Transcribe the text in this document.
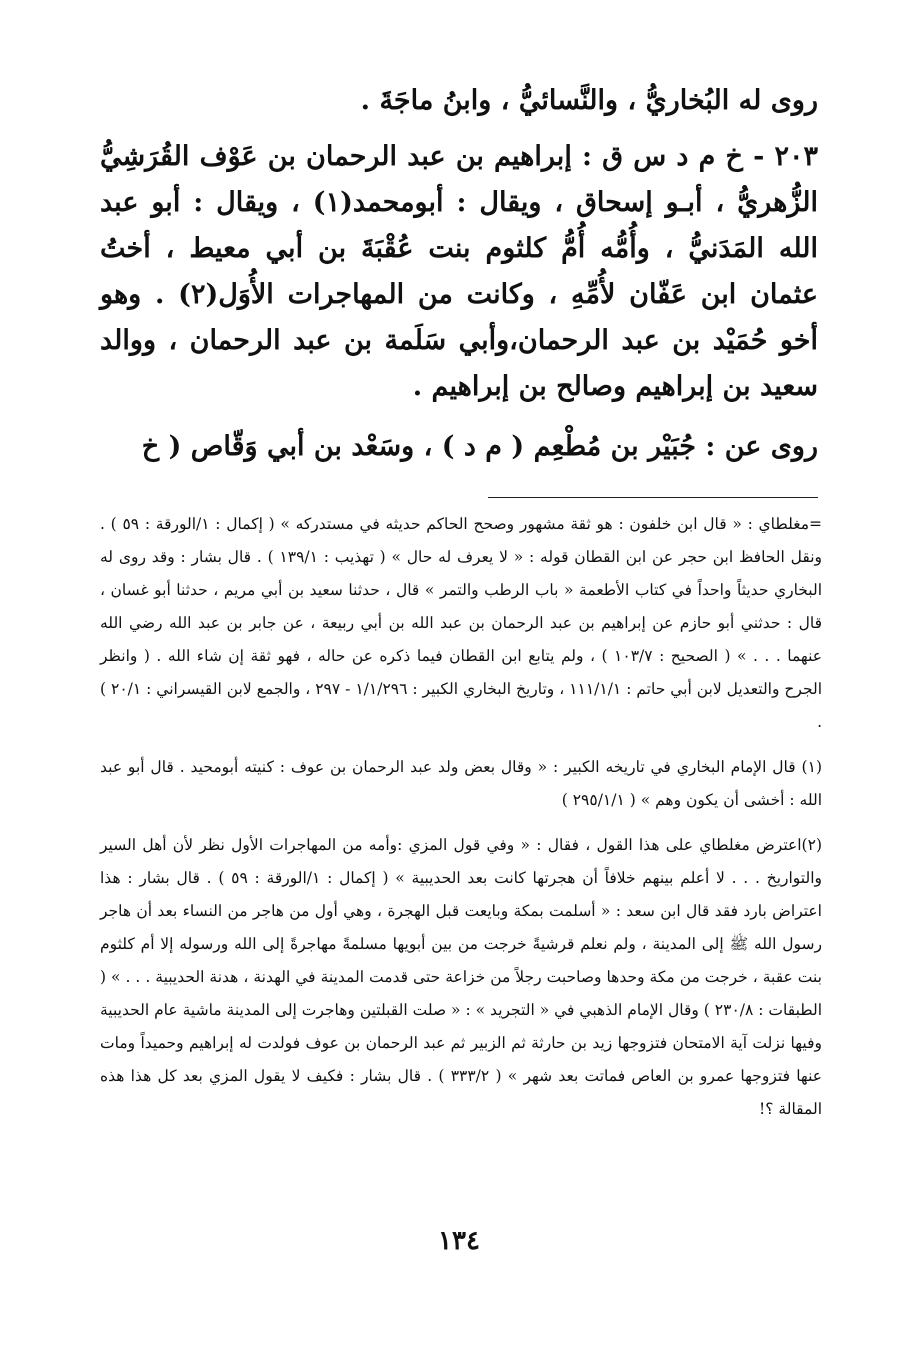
روى له البُخاريُّ ، والنَّسائيُّ ، وابنُ ماجَةَ .

٢٠٣ - خ م د س ق : إبراهيم بن عبد الرحمان بن عَوْف القُرَشِيُّ الزُّهريُّ ، أبـو إسحاق ، ويقال : أبومحمد(١) ، ويقال : أبو عبد الله المَدَنيُّ ، وأُمُّه أُمُّ كلثوم بنت عُقْبَةَ بن أبي معيط ، أختُ عثمان ابن عَفّان لأُمِّهِ ، وكانت من المهاجرات الأُوَل(٢) . وهو أخو حُمَيْد بن عبد الرحمان،وأبي سَلَمة بن عبد الرحمان ، ووالد سعيد بن إبراهيم وصالح بن إبراهيم .

روى عن : جُبَيْر بن مُطْعِم ( م د ) ، وسَعْد بن أبي وَقّاص ( خ

=مغلطاي : « قال ابن خلفون : هو ثقة مشهور وصحح الحاكم حديثه في مستدركه » ( إكمال : ١/الورقة : ٥٩ ) . ونقل الحافظ ابن حجر عن ابن القطان قوله : « لا يعرف له حال » ( تهذيب : ١٣٩/١ ) . قال بشار : وقد روى له البخاري حديثاً واحداً في كتاب الأطعمة « باب الرطب والتمر » قال ، حدثنا سعيد بن أبي مريم ، حدثنا أبو غسان ، قال : حدثني أبو حازم عن إبراهيم بن عبد الرحمان بن عبد الله بن أبي ربيعة ، عن جابر بن عبد الله رضي الله عنهما . . . » ( الصحيح : ١٠٣/٧ ) ، ولم يتابع ابن القطان فيما ذكره عن حاله ، فهو ثقة إن شاء الله . ( وانظر الجرح والتعديل لابن أبي حاتم : ١١١/١/١ ، وتاريخ البخاري الكبير : ١/١/٢٩٦ - ٢٩٧ ، والجمع لابن القيسراني : ٢٠/١ ) .

(١) قال الإمام البخاري في تاريخه الكبير : « وقال بعض ولد عبد الرحمان بن عوف : كنيته أبومحيد . قال أبو عبد الله : أخشى أن يكون وهم » ( ٢٩٥/١/١ )

(٢)اعترض مغلطاي على هذا القول ، فقال : « وفي قول المزي :وأمه من المهاجرات الأول نظر لأن أهل السير والتواريخ . . . لا أعلم بينهم خلافاً أن هجرتها كانت بعد الحديبية » ( إكمال : ١/الورقة : ٥٩ ) . قال بشار : هذا اعتراض بارد فقد قال ابن سعد : « أسلمت بمكة وبايعت قبل الهجرة ، وهي أول من هاجر من النساء بعد أن هاجر رسول الله ﷺ إلى المدينة ، ولم نعلم قرشيةً خرجت من بين أبويها مسلمةً مهاجرةً إلى الله ورسوله إلا أم كلثوم بنت عقبة ، خرجت من مكة وحدها وصاحبت رجلاً من خزاعة حتى قدمت المدينة في الهدنة ، هدنة الحديبية . . . » ( الطبقات : ٢٣٠/٨ ) وقال الإمام الذهبي في « التجريد » : « صلت القبلتين وهاجرت إلى المدينة ماشية عام الحديبية وفيها نزلت آية الامتحان فتزوجها زيد بن حارثة ثم الزبير ثم عبد الرحمان بن عوف فولدت له إبراهيم وحميداً ومات عنها فتزوجها عمرو بن العاص فماتت بعد شهر » ( ٣٣٣/٢ ) . قال بشار : فكيف لا يقول المزي بعد كل هذا هذه المقالة ؟!

١٣٤
